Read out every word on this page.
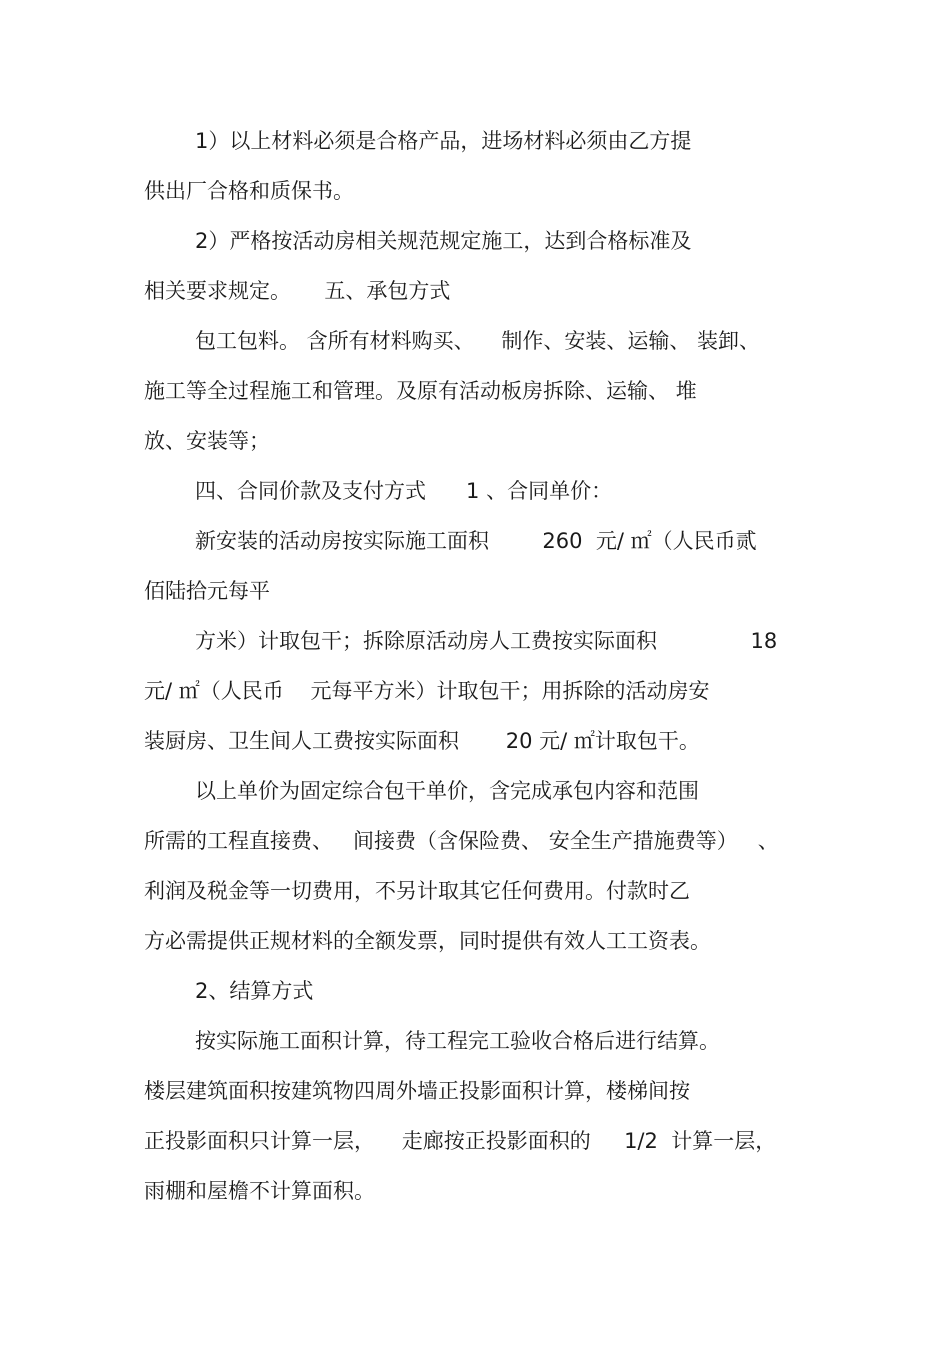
1）以上材料必须是合格产品，进场材料必须由乙方提
供出厂合格和质保书。
2）严格按活动房相关规范规定施工，达到合格标准及
相关要求规定。     五、承包方式
包工包料。 含所有材料购买、    制作、安装、运输、 装卸、
施工等全过程施工和管理。及原有活动板房拆除、运输、 堆
放、安装等；
四、合同价款及支付方式      1 、合同单价：
新安装的活动房按实际施工面积        260  元/ ㎡（人民币贰
佰陆拾元每平
方米）计取包干；拆除原活动房人工费按实际面积              18
元/ ㎡（人民币    元每平方米）计取包干；用拆除的活动房安
装厨房、卫生间人工费按实际面积       20 元/ ㎡计取包干。
以上单价为固定综合包干单价，含完成承包内容和范围
所需的工程直接费、   间接费（含保险费、 安全生产措施费等）   、
利润及税金等一切费用，不另计取其它任何费用。付款时乙
方必需提供正规材料的全额发票，同时提供有效人工工资表。
2、结算方式
按实际施工面积计算，待工程完工验收合格后进行结算。
楼层建筑面积按建筑物四周外墙正投影面积计算，楼梯间按
正投影面积只计算一层，    走廊按正投影面积的     1/2  计算一层，
雨棚和屋檐不计算面积。
